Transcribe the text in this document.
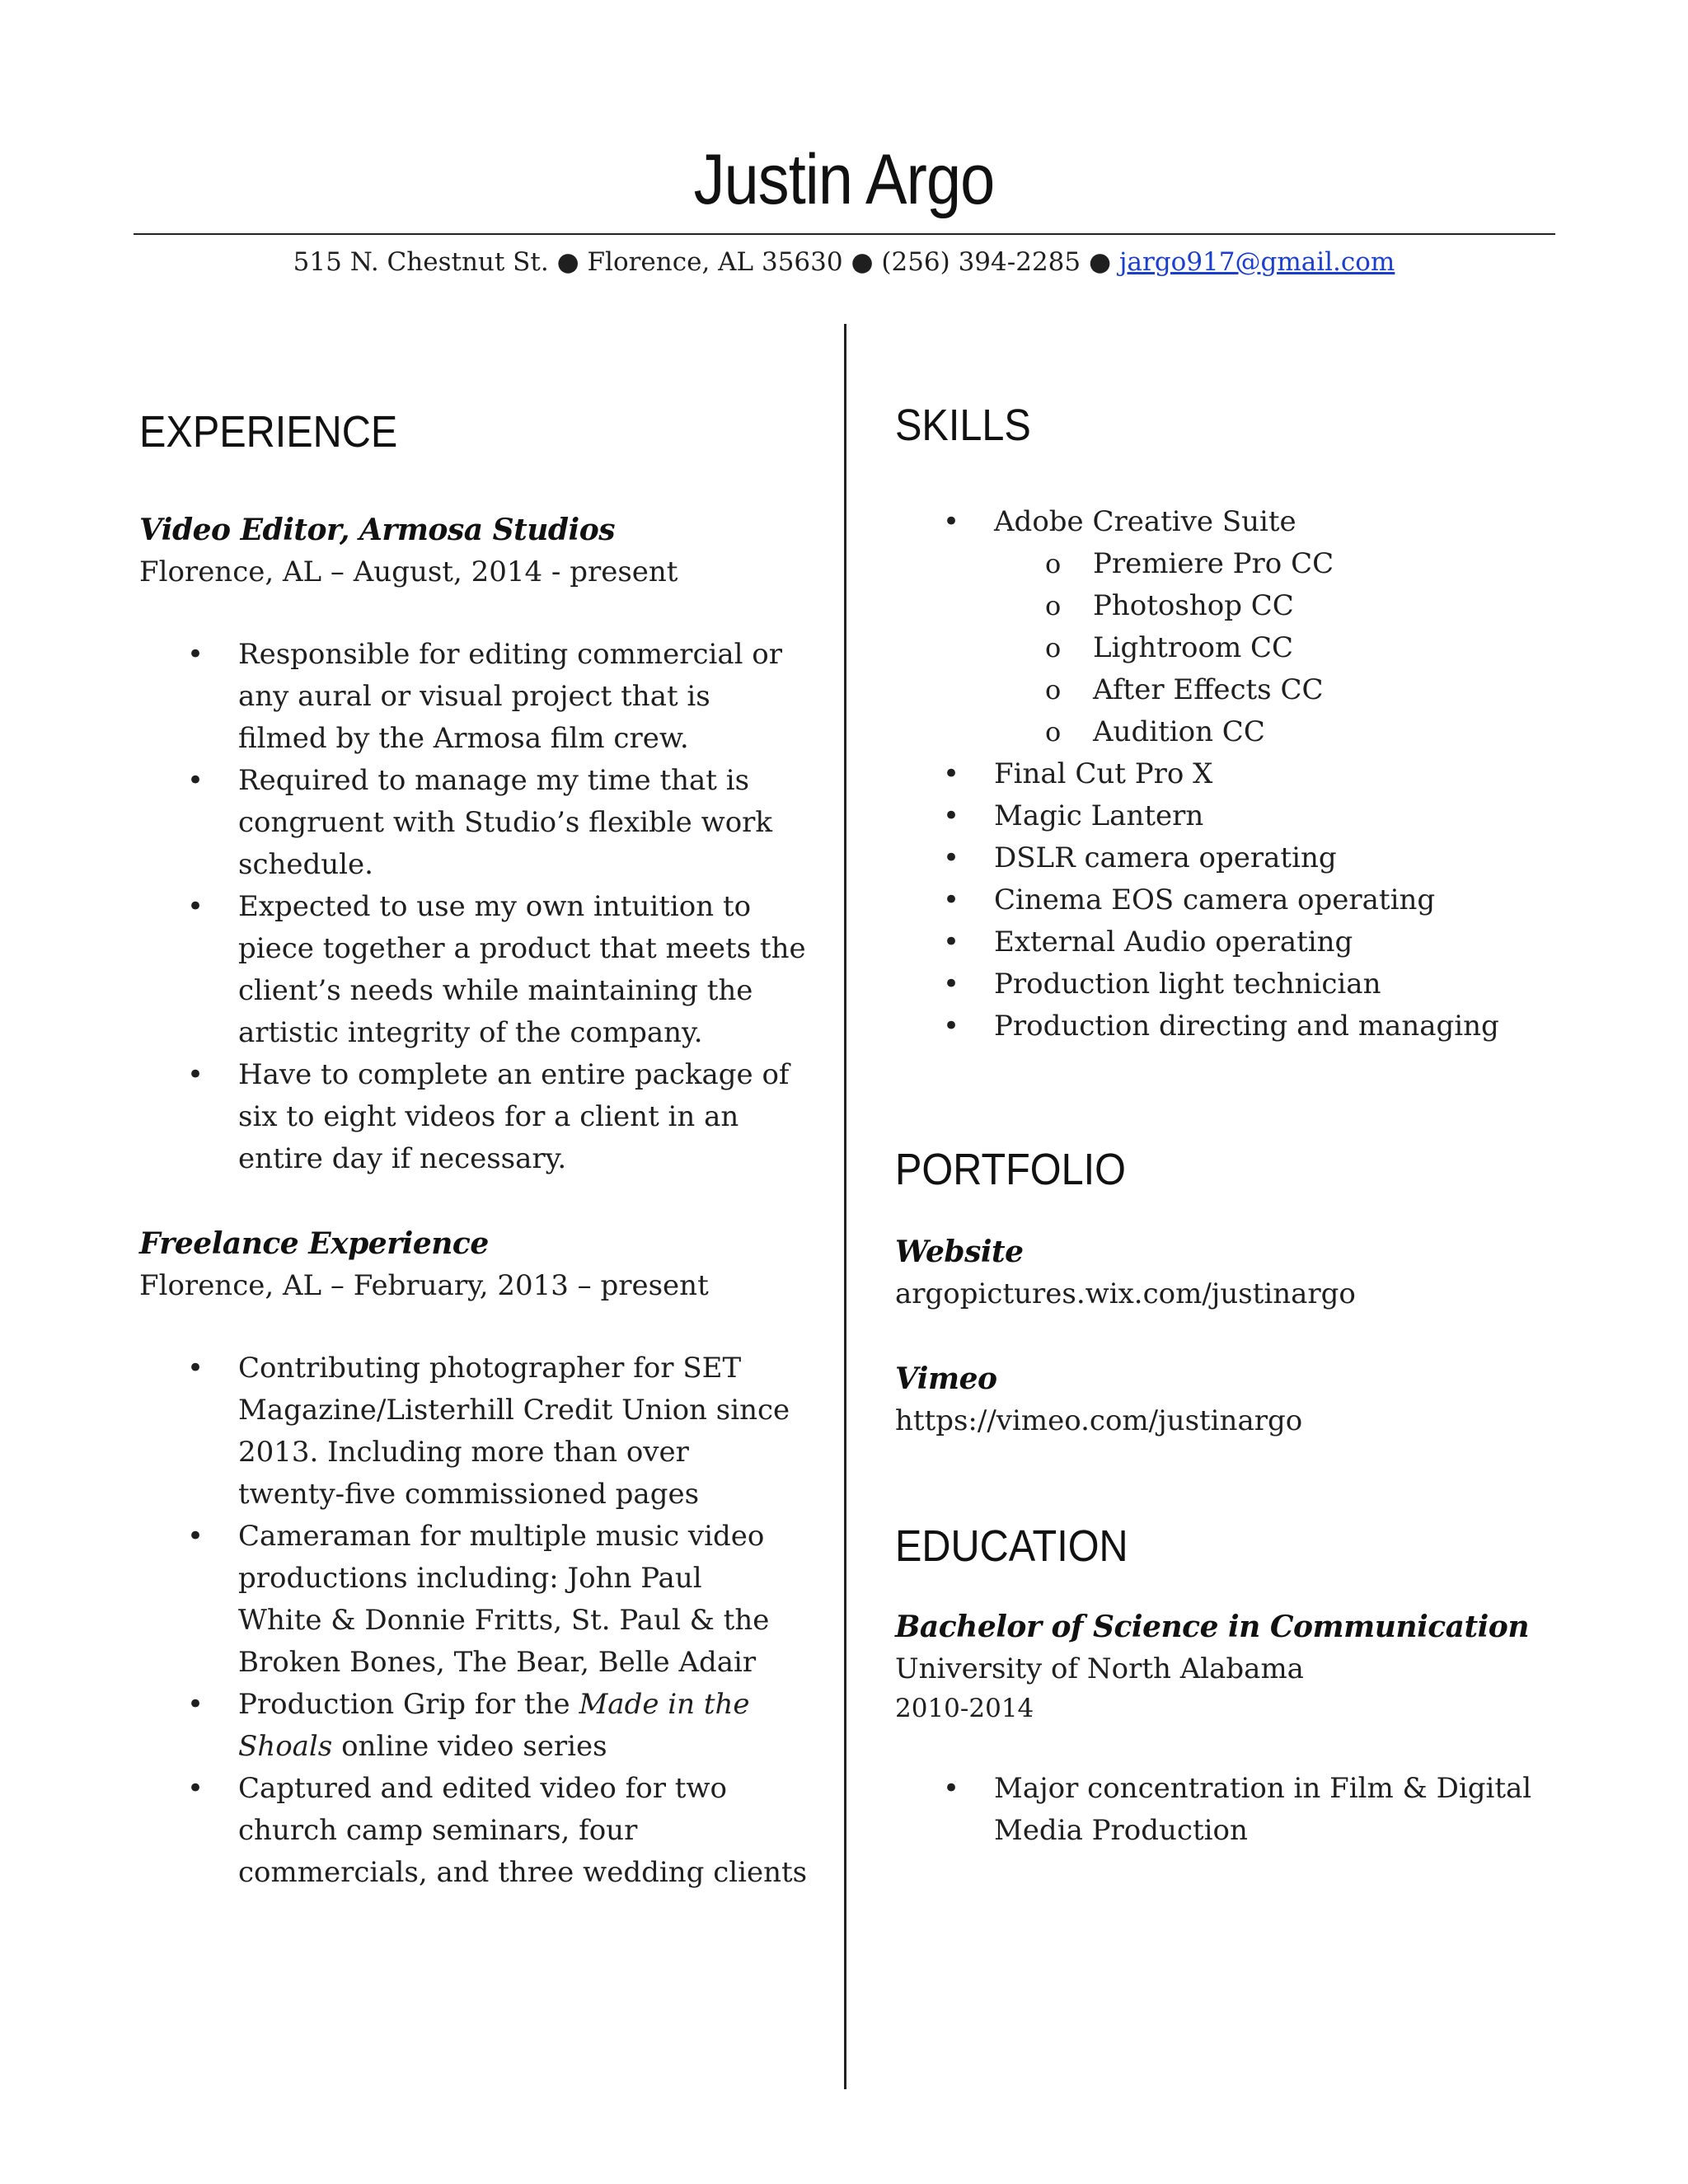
Justin Argo
515 N. Chestnut St. ● Florence, AL 35630 ● (256) 394-2285 ● jargo917@gmail.com
EXPERIENCE
Video Editor, Armosa Studios
Florence, AL – August, 2014 - present
• Responsible for editing commercial or
any aural or visual project that is
filmed by the Armosa film crew.
• Required to manage my time that is
congruent with Studio’s flexible work
schedule.
• Expected to use my own intuition to
piece together a product that meets the
client’s needs while maintaining the
artistic integrity of the company.
• Have to complete an entire package of
six to eight videos for a client in an
entire day if necessary.
Freelance Experience
Florence, AL – February, 2013 – present
• Contributing photographer for SET
Magazine/Listerhill Credit Union since
2013. Including more than over
twenty-five commissioned pages
• Cameraman for multiple music video
productions including: John Paul
White & Donnie Fritts, St. Paul & the
Broken Bones, The Bear, Belle Adair
• Production Grip for the Made in the
Shoals online video series
• Captured and edited video for two
church camp seminars, four
commercials, and three wedding clients
SKILLS
• Adobe Creative Suite
o Premiere Pro CC
o Photoshop CC
o Lightroom CC
o After Effects CC
o Audition CC
• Final Cut Pro X
• Magic Lantern
• DSLR camera operating
• Cinema EOS camera operating
• External Audio operating
• Production light technician
• Production directing and managing
PORTFOLIO
Website
argopictures.wix.com/justinargo
Vimeo
https://vimeo.com/justinargo
EDUCATION
Bachelor of Science in Communication
University of North Alabama
2010-2014
• Major concentration in Film & Digital
Media Production
